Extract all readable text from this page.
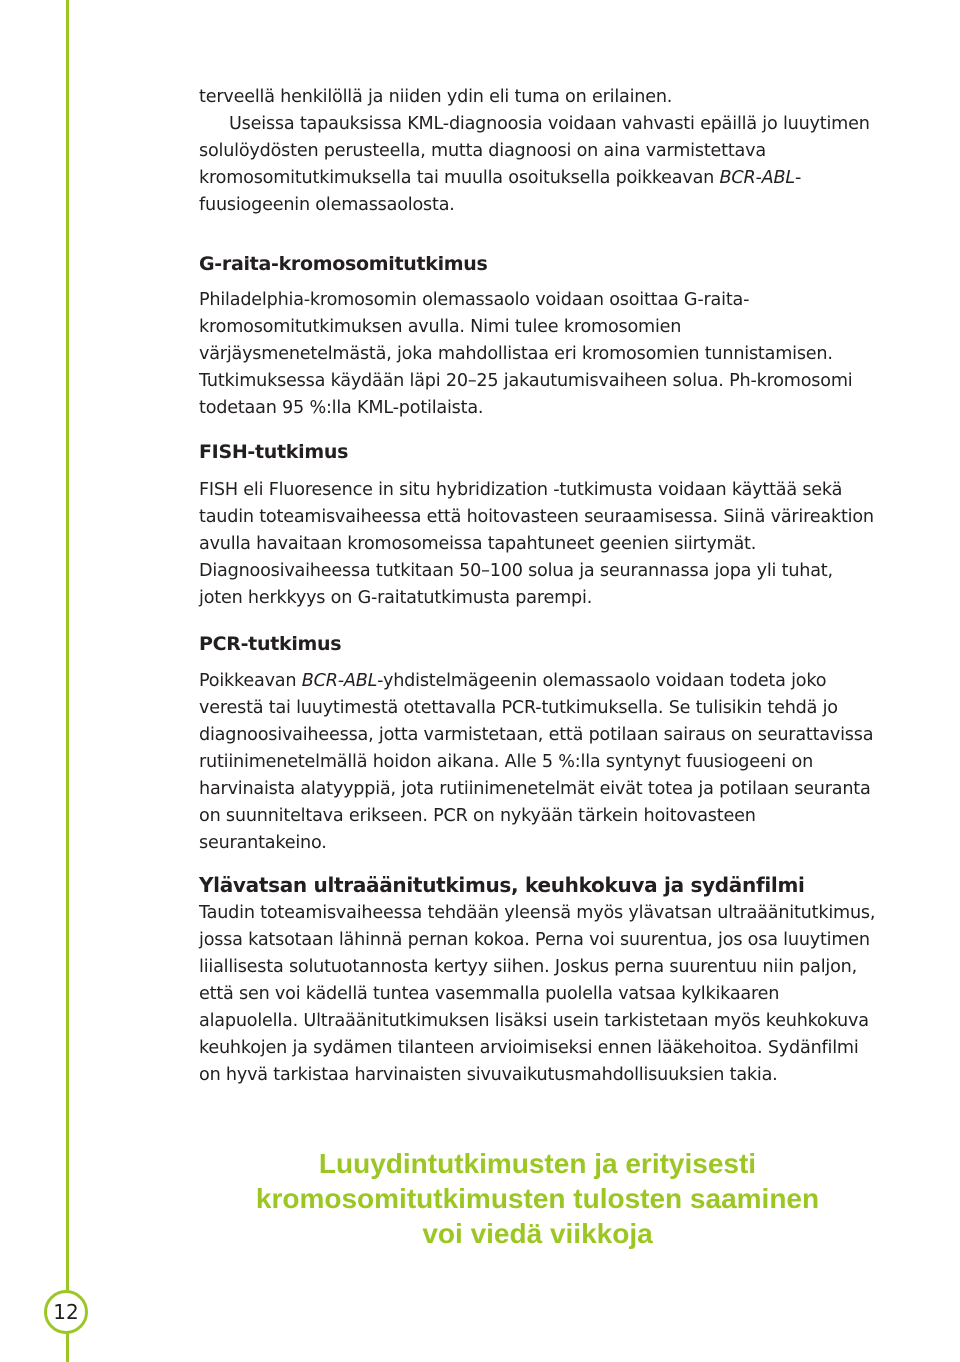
12

terveellä henkilöllä ja niiden ydin eli tuma on erilainen.

Useissa tapauksissa KML-diagnoosia voidaan vahvasti epäillä jo luuytimen solulöydösten perusteella, mutta diagnoosi on aina varmistettava kromosomitutkimuksella tai muulla osoituksella poikkeavan BCR-ABL-fuusiogeenin olemassaolosta.

G-raita-kromosomitutkimus

Philadelphia-kromosomin olemassaolo voidaan osoittaa G-raita-kromosomitutkimuksen avulla. Nimi tulee kromosomien värjäysmenetelmästä, joka mahdollistaa eri kromosomien tunnistamisen. Tutkimuksessa käydään läpi 20–25 jakautumisvaiheen solua. Ph-kromosomi todetaan 95 %:lla KML-potilaista.

FISH-tutkimus

FISH eli Fluoresence in situ hybridization -tutkimusta voidaan käyttää sekä taudin toteamisvaiheessa että hoitovasteen seuraamisessa. Siinä värireaktion avulla havaitaan kromosomeissa tapahtuneet geenien siirtymät. Diagnoosivaiheessa tutkitaan 50–100 solua ja seurannassa jopa yli tuhat, joten herkkyys on G-raitatutkimusta parempi.

PCR-tutkimus

Poikkeavan BCR-ABL-yhdistelmägeenin olemassaolo voidaan todeta joko verestä tai luuytimestä otettavalla PCR-tutkimuksella. Se tulisikin tehdä jo diagnoosivaiheessa, jotta varmistetaan, että potilaan sairaus on seurattavissa rutiinimenetelmällä hoidon aikana. Alle 5 %:lla syntynyt fuusiogeeni on harvinaista alatyyppiä, jota rutiinimenetelmät eivät totea ja potilaan seuranta on suunniteltava erikseen. PCR on nykyään tärkein hoitovasteen seurantakeino.

Ylävatsan ultraäänitutkimus, keuhkokuva ja sydänfilmi

Taudin toteamisvaiheessa tehdään yleensä myös ylävatsan ultraäänitutkimus, jossa katsotaan lähinnä pernan kokoa. Perna voi suurentua, jos osa luuytimen liiallisesta solutuotannosta kertyy siihen. Joskus perna suurentuu niin paljon, että sen voi kädellä tuntea vasemmalla puolella vatsaa kylkikaaren alapuolella. Ultraäänitutkimuksen lisäksi usein tarkistetaan myös keuhkokuva keuhkojen ja sydämen tilanteen arvioimiseksi ennen lääkehoitoa. Sydänfilmi on hyvä tarkistaa harvinaisten sivuvaikutusmahdollisuuksien takia.

Luuydintutkimusten ja erityisesti
kromosomitutkimusten tulosten saaminen
voi viedä viikkoja
